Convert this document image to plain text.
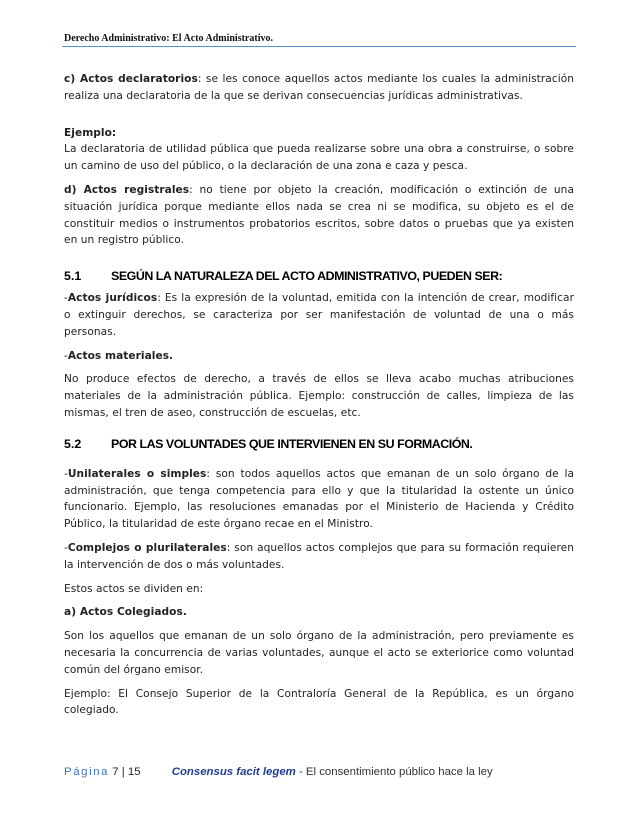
Derecho Administrativo: El Acto Administrativo.

c) Actos declaratorios: se les conoce aquellos actos mediante los cuales la administración realiza una declaratoria de la que se derivan consecuencias jurídicas administrativas.

Ejemplo:

La declaratoria de utilidad pública que pueda realizarse sobre una obra a construirse, o sobre un camino de uso del público, o la declaración de una zona e caza y pesca.

d) Actos registrales: no tiene por objeto la creación, modificación o extinción de una situación jurídica porque mediante ellos nada se crea ni se modifica, su objeto es el de constituir medios o instrumentos probatorios escritos, sobre datos o pruebas que ya existen en un registro público.

5.1	SEGÚN LA NATURALEZA DEL ACTO ADMINISTRATIVO, PUEDEN SER:

-Actos jurídicos: Es la expresión de la voluntad, emitida con la intención de crear, modificar o extinguir derechos, se caracteriza por ser manifestación de voluntad de una o más personas.

-Actos materiales.

No produce efectos de derecho, a través de ellos se lleva acabo muchas atribuciones materiales de la administración pública. Ejemplo: construcción de calles, limpieza de las mismas, el tren de aseo, construcción de escuelas, etc.

5.2	POR LAS VOLUNTADES QUE INTERVIENEN EN SU FORMACIÓN.

-Unilaterales o simples: son todos aquellos actos que emanan de un solo órgano de la administración, que tenga competencia para ello y que la titularidad la ostente un único funcionario. Ejemplo, las resoluciones emanadas por el Ministerio de Hacienda y Crédito Público, la titularidad de este órgano recae en el Ministro.

-Complejos o plurilaterales: son aquellos actos complejos que para su formación requieren la intervención de dos o más voluntades.

Estos actos se dividen en:

a) Actos Colegiados.

Son los aquellos que emanan de un solo órgano de la administración, pero previamente es necesaria la concurrencia de varias voluntades, aunque el acto se exteriorice como voluntad común del órgano emisor.

Ejemplo: El Consejo Superior de la Contraloría General de la República, es un órgano colegiado.

Página 7 | 15	Consensus facit legem - El consentimiento público hace la ley
